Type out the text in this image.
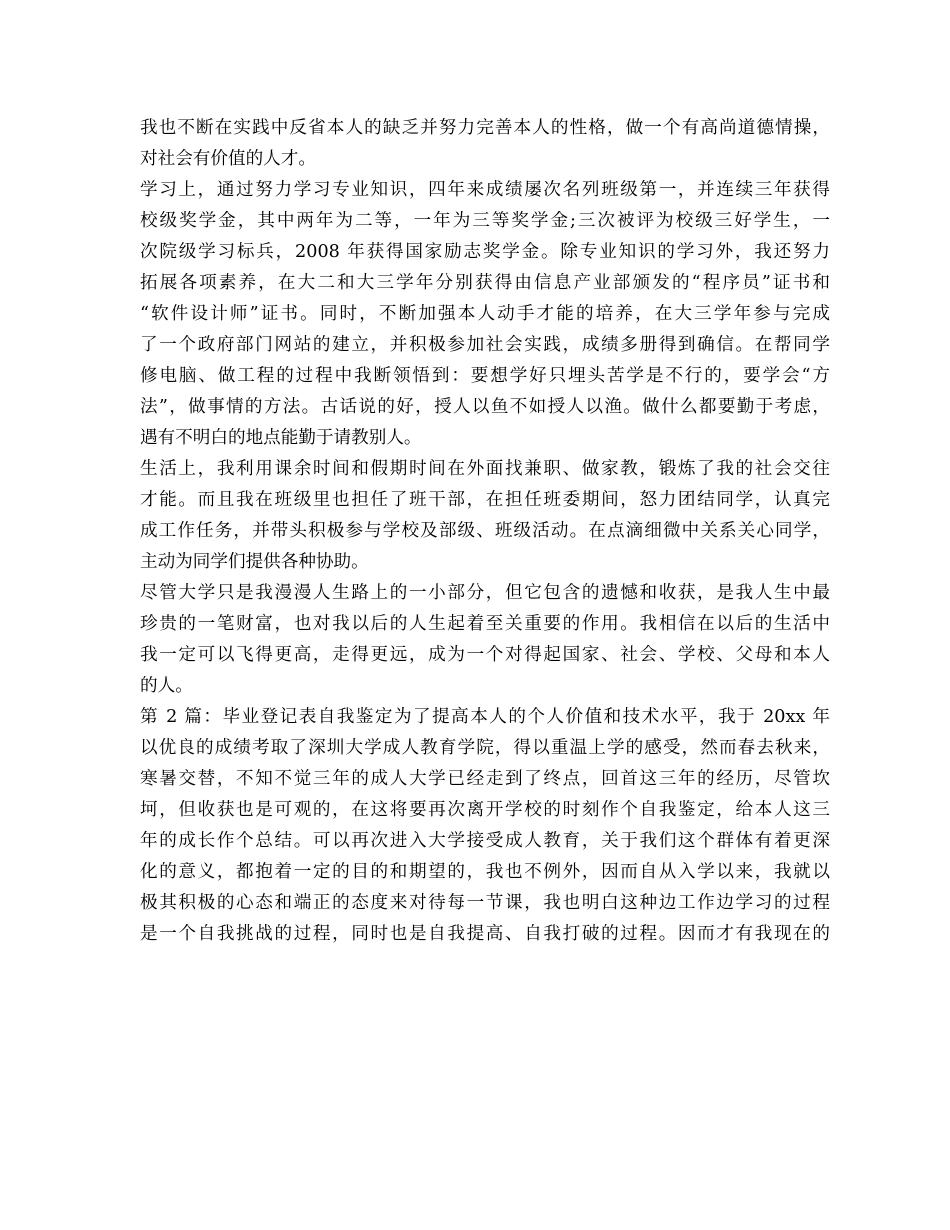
我也不断在实践中反省本人的缺乏并努力完善本人的性格，做一个有高尚道德情操，
对社会有价值的人才。
学习上，通过努力学习专业知识，四年来成绩屡次名列班级第一，并连续三年获得
校级奖学金，其中两年为二等，一年为三等奖学金;三次被评为校级三好学生，一
次院级学习标兵，2008 年获得国家励志奖学金。除专业知识的学习外，我还努力
拓展各项素养，在大二和大三学年分别获得由信息产业部颁发的“程序员”证书和
“软件设计师”证书。同时，不断加强本人动手才能的培养，在大三学年参与完成
了一个政府部门网站的建立，并积极参加社会实践，成绩多册得到确信。在帮同学
修电脑、做工程的过程中我断领悟到：要想学好只埋头苦学是不行的，要学会“方
法”，做事情的方法。古话说的好，授人以鱼不如授人以渔。做什么都要勤于考虑，
遇有不明白的地点能勤于请教别人。
生活上，我利用课余时间和假期时间在外面找兼职、做家教，锻炼了我的社会交往
才能。而且我在班级里也担任了班干部，在担任班委期间，怒力团结同学，认真完
成工作任务，并带头积极参与学校及部级、班级活动。在点滴细微中关系关心同学，
主动为同学们提供各种协助。
尽管大学只是我漫漫人生路上的一小部分，但它包含的遗憾和收获，是我人生中最
珍贵的一笔财富，也对我以后的人生起着至关重要的作用。我相信在以后的生活中
我一定可以飞得更高，走得更远，成为一个对得起国家、社会、学校、父母和本人
的人。
第 2 篇：毕业登记表自我鉴定为了提高本人的个人价值和技术水平，我于 20xx 年
以优良的成绩考取了深圳大学成人教育学院，得以重温上学的感受，然而春去秋来，
寒暑交替，不知不觉三年的成人大学已经走到了终点，回首这三年的经历，尽管坎
坷，但收获也是可观的，在这将要再次离开学校的时刻作个自我鉴定，给本人这三
年的成长作个总结。可以再次进入大学接受成人教育，关于我们这个群体有着更深
化的意义，都抱着一定的目的和期望的，我也不例外，因而自从入学以来，我就以
极其积极的心态和端正的态度来对待每一节课，我也明白这种边工作边学习的过程
是一个自我挑战的过程，同时也是自我提高、自我打破的过程。因而才有我现在的
